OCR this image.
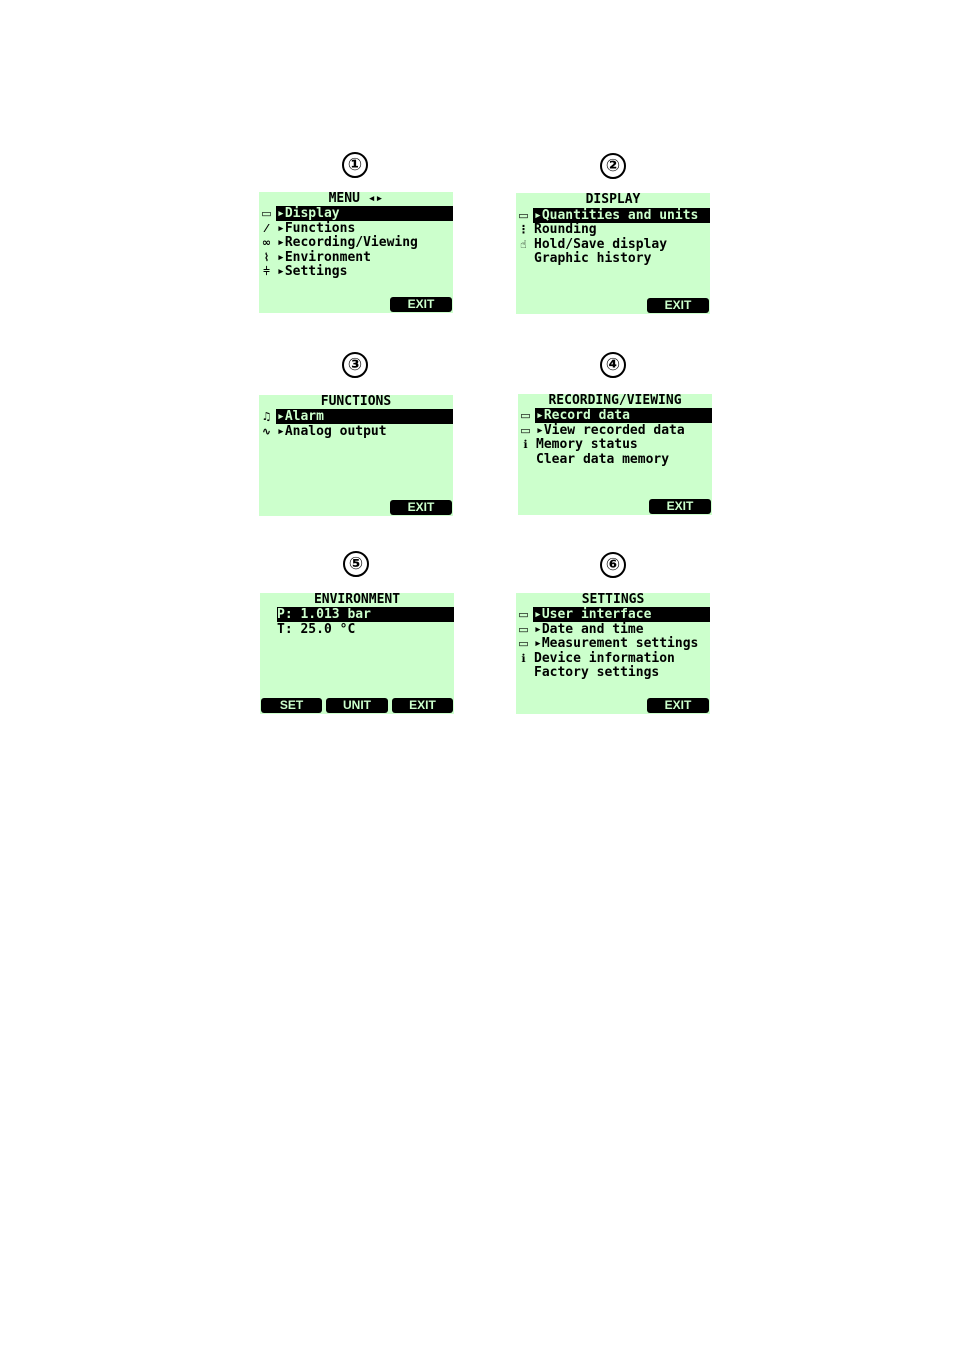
①
MENU ◂▸
▭ ▸Display
⁄ ▸Functions
∞ ▸Recording/Viewing
⌇ ▸Environment
⫩ ▸Settings
EXIT
②
DISPLAY
▭ ▸Quantities and units
⋮ Rounding
☝ Hold/Save display
Graphic history
EXIT
③
FUNCTIONS
♫ ▸Alarm
∿ ▸Analog output
EXIT
④
RECORDING/VIEWING
▭ ▸Record data
▭ ▸View recorded data
ℹ Memory status
Clear data memory
EXIT
⑤
ENVIRONMENT
P: 1.013 bar
T: 25.0 °C
SET	UNIT	EXIT
⑥
SETTINGS
▭ ▸User interface
▭ ▸Date and time
▭ ▸Measurement settings
ℹ Device information
Factory settings
EXIT
